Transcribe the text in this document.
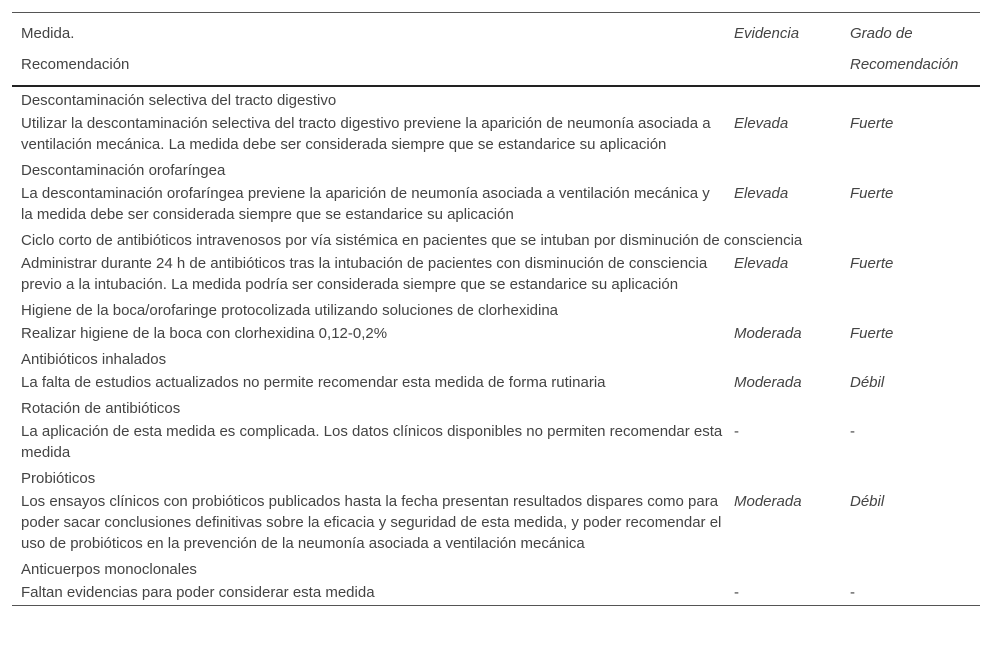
Medida.
Recomendación	Evidencia	Grado de
Recomendación

Descontaminación selectiva del tracto digestivo		
Utilizar la descontaminación selectiva del tracto digestivo previene la aparición de neumonía asociada a ventilación mecánica. La medida debe ser considerada siempre que se estandarice su aplicación	Elevada	Fuerte
Descontaminación orofaríngea		
La descontaminación orofaríngea previene la aparición de neumonía asociada a ventilación mecánica y la medida debe ser considerada siempre que se estandarice su aplicación	Elevada	Fuerte
Ciclo corto de antibióticos intravenosos por vía sistémica en pacientes que se intuban por disminución de consciencia		
Administrar durante 24 h de antibióticos tras la intubación de pacientes con disminución de consciencia previo a la intubación. La medida podría ser considerada siempre que se estandarice su aplicación	Elevada	Fuerte
Higiene de la boca/orofaringe protocolizada utilizando soluciones de clorhexidina		
Realizar higiene de la boca con clorhexidina 0,12-0,2%	Moderada	Fuerte
Antibióticos inhalados		
La falta de estudios actualizados no permite recomendar esta medida de forma rutinaria	Moderada	Débil
Rotación de antibióticos		
La aplicación de esta medida es complicada. Los datos clínicos disponibles no permiten recomendar esta medida	-	-
Probióticos		
Los ensayos clínicos con probióticos publicados hasta la fecha presentan resultados dispares como para poder sacar conclusiones definitivas sobre la eficacia y seguridad de esta medida, y poder recomendar el uso de probióticos en la prevención de la neumonía asociada a ventilación mecánica	Moderada	Débil
Anticuerpos monoclonales		
Faltan evidencias para poder considerar esta medida	-	-
